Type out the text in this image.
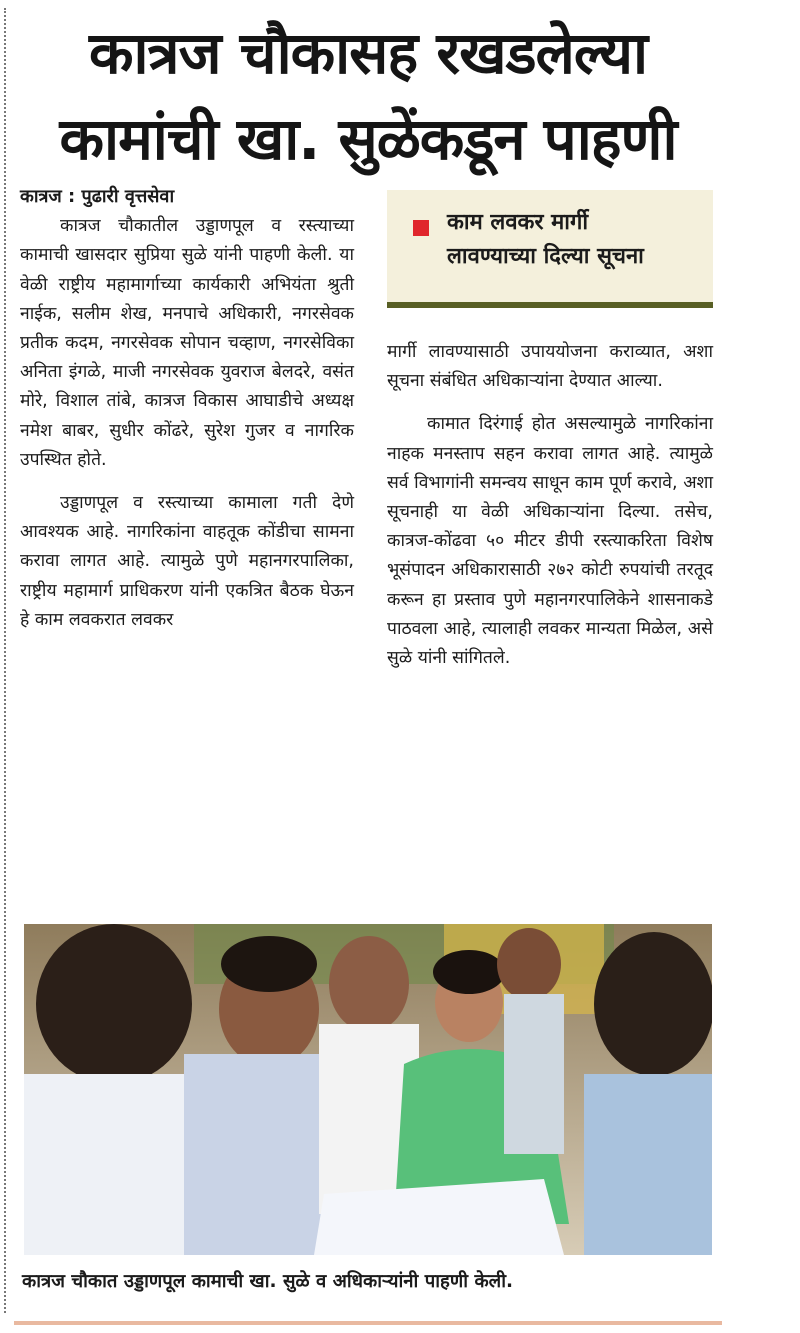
कात्रज चौकासह रखडलेल्या
कामांची खा. सुळेंकडून पाहणी
कात्रज : पुढारी वृत्तसेवा

कात्रज चौकातील उड्डाणपूल व रस्त्याच्या कामाची खासदार सुप्रिया सुळे यांनी पाहणी केली. या वेळी राष्ट्रीय महामार्गाच्या कार्यकारी अभियंता श्रुती नाईक, सलीम शेख, मनपाचे अधिकारी, नगरसेवक प्रतीक कदम, नगरसेवक सोपान चव्हाण, नगरसेविका अनिता इंगळे, माजी नगरसेवक युवराज बेलदरे, वसंत मोरे, विशाल तांबे, कात्रज विकास आघाडीचे अध्यक्ष नमेश बाबर, सुधीर कोंढरे, सुरेश गुजर व नागरिक उपस्थित होते.

उड्डाणपूल व रस्त्याच्या कामाला गती देणे आवश्यक आहे. नागरिकांना वाहतूक कोंडीचा सामना करावा लागत आहे. त्यामुळे पुणे महानगरपालिका, राष्ट्रीय महामार्ग प्राधिकरण यांनी एकत्रित बैठक घेऊन हे काम लवकरात लवकर

काम लवकर मार्गी
लावण्याच्या दिल्या सूचना

मार्गी लावण्यासाठी उपाययोजना कराव्यात, अशा सूचना संबंधित अधिकाऱ्यांना देण्यात आल्या.

कामात दिरंगाई होत असल्यामुळे नागरिकांना नाहक मनस्ताप सहन करावा लागत आहे. त्यामुळे सर्व विभागांनी समन्वय साधून काम पूर्ण करावे, अशा सूचनाही या वेळी अधिकाऱ्यांना दिल्या. तसेच, कात्रज-कोंढवा ५० मीटर डीपी रस्त्याकरिता विशेष भूसंपादन अधिकारासाठी २७२ कोटी रुपयांची तरतूद करून हा प्रस्ताव पुणे महानगरपालिकेने शासनाकडे पाठवला आहे, त्यालाही लवकर मान्यता मिळेल, असे सुळे यांनी सांगितले.

कात्रज चौकात उड्डाणपूल कामाची खा. सुळे व अधिकाऱ्यांनी पाहणी केली.
